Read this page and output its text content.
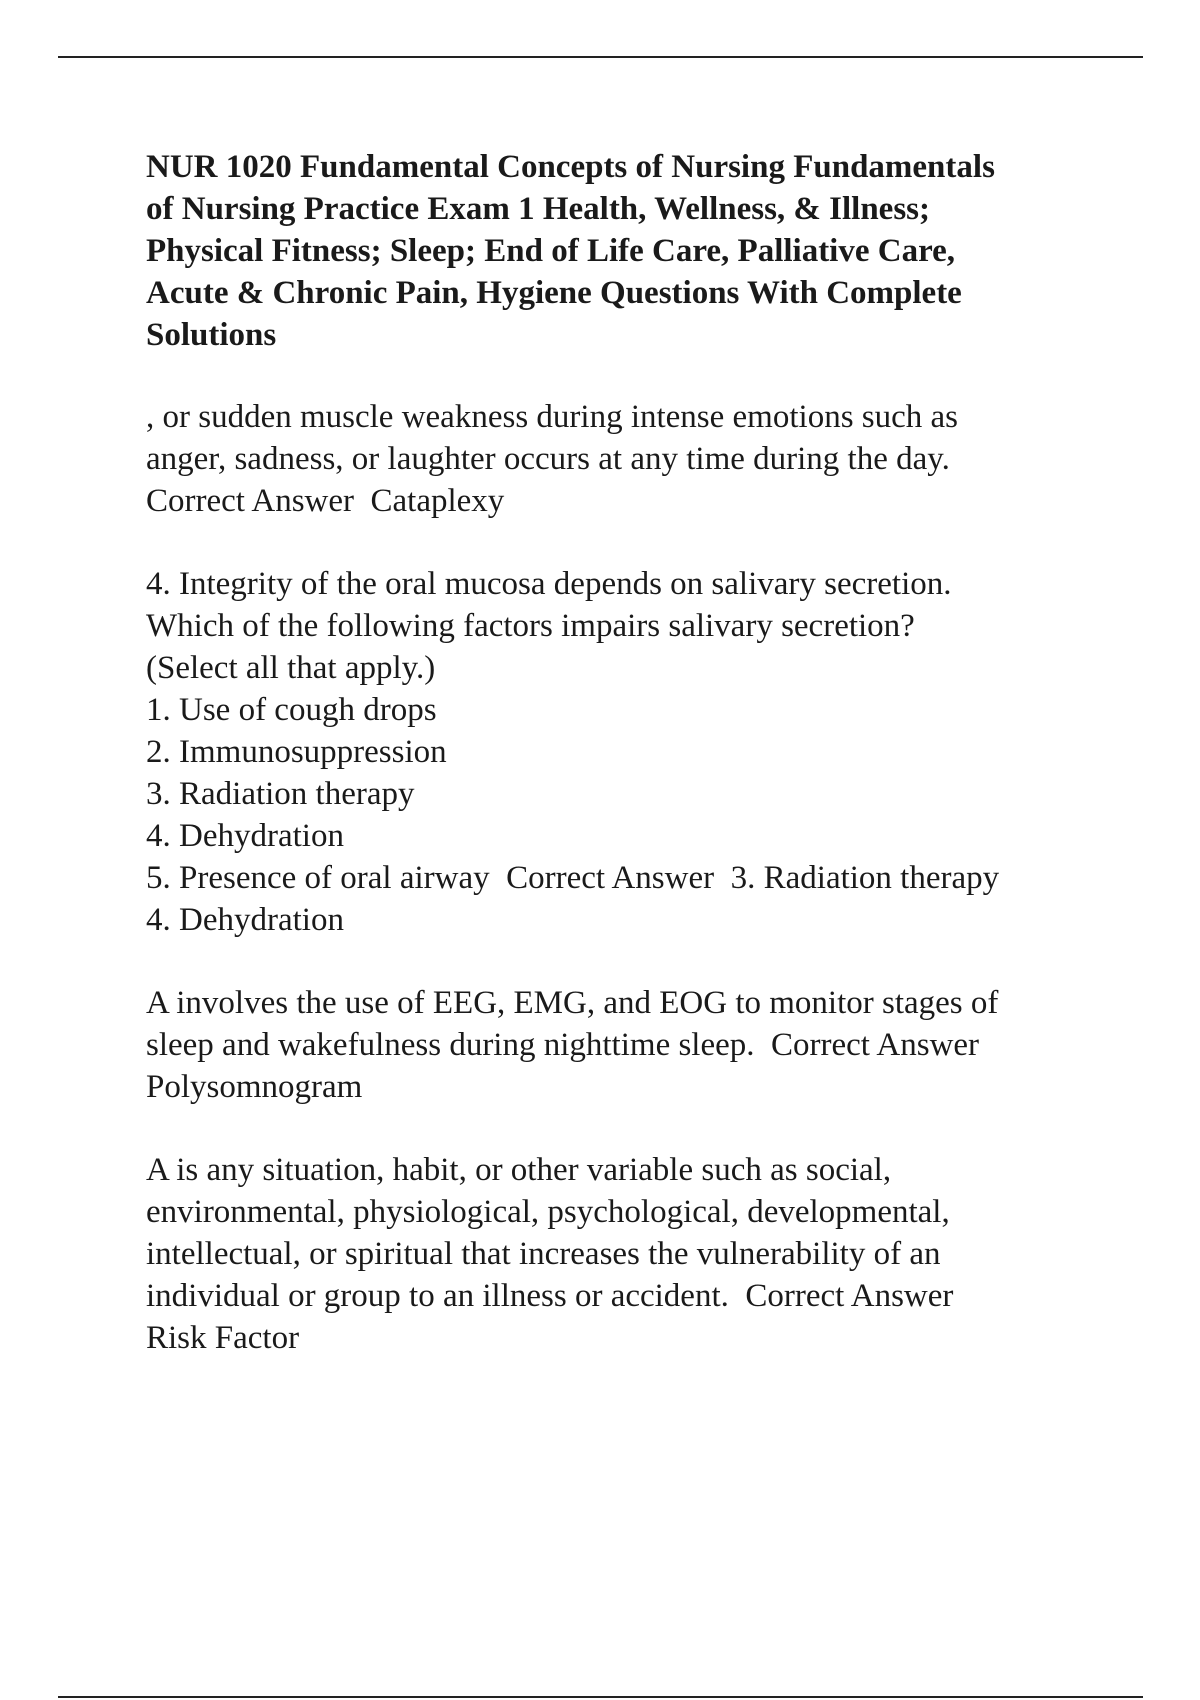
NUR 1020 Fundamental Concepts of Nursing Fundamentals
of Nursing Practice Exam 1 Health, Wellness, & Illness;
Physical Fitness; Sleep; End of Life Care, Palliative Care,
Acute & Chronic Pain, Hygiene Questions With Complete
Solutions

, or sudden muscle weakness during intense emotions such as
anger, sadness, or laughter occurs at any time during the day.
Correct Answer  Cataplexy

4. Integrity of the oral mucosa depends on salivary secretion.
Which of the following factors impairs salivary secretion?
(Select all that apply.)
1. Use of cough drops
2. Immunosuppression
3. Radiation therapy
4. Dehydration
5. Presence of oral airway  Correct Answer  3. Radiation therapy
4. Dehydration

A involves the use of EEG, EMG, and EOG to monitor stages of
sleep and wakefulness during nighttime sleep.  Correct Answer
Polysomnogram

A is any situation, habit, or other variable such as social,
environmental, physiological, psychological, developmental,
intellectual, or spiritual that increases the vulnerability of an
individual or group to an illness or accident.  Correct Answer
Risk Factor
